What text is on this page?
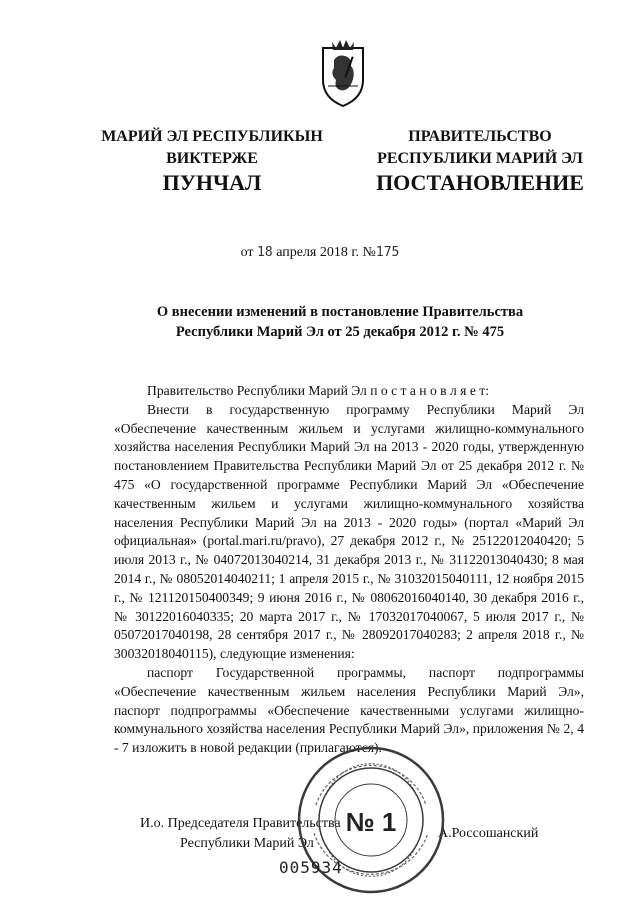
МАРИЙ ЭЛ РЕСПУБЛИКЫН
ВИКТЕРЖЕ
ПРАВИТЕЛЬСТВО
РЕСПУБЛИКИ МАРИЙ ЭЛ
ПУНЧАЛ	ПОСТАНОВЛЕНИЕ
от 18 апреля 2018 г. №175
О внесении изменений в постановление Правительства
Республики Марий Эл от 25 декабря 2012 г. № 475

Правительство Республики Марий Эл п о с т а н о в л я е т:

Внести в государственную программу Республики Марий Эл «Обеспечение качественным жильем и услугами жилищно-коммунального хозяйства населения Республики Марий Эл на 2013 - 2020 годы, утвержденную постановлением Правительства Республики Марий Эл от 25 декабря 2012 г. № 475 «О государственной программе Республики Марий Эл «Обеспечение качественным жильем и услугами жилищно-коммунального хозяйства населения Республики Марий Эл на 2013 - 2020 годы» (портал «Марий Эл официальная» (portal.mari.ru/pravo), 27 декабря 2012 г., № 25122012040420; 5 июля 2013 г., № 04072013040214, 31 декабря 2013 г., № 31122013040430; 8 мая 2014 г., № 08052014040211; 1 апреля 2015 г., № 31032015040111, 12 ноября 2015 г., № 121120150400349; 9 июня 2016 г., № 08062016040140, 30 декабря 2016 г., № 30122016040335; 20 марта 2017 г., № 17032017040067, 5 июля 2017 г., № 05072017040198, 28 сентября 2017 г., № 28092017040283; 2 апреля 2018 г., № 30032018040115), следующие изменения:

паспорт Государственной программы, паспорт подпрограммы «Обеспечение качественным жильем населения Республики Марий Эл», паспорт подпрограммы «Обеспечение качественными услугами жилищно-коммунального хозяйства населения Республики Марий Эл», приложения № 2, 4 - 7 изложить в новой редакции (прилагаются).

И.о. Председателя Правительства
Республики Марий Эл
А.Россошанский
№ 1
005934
